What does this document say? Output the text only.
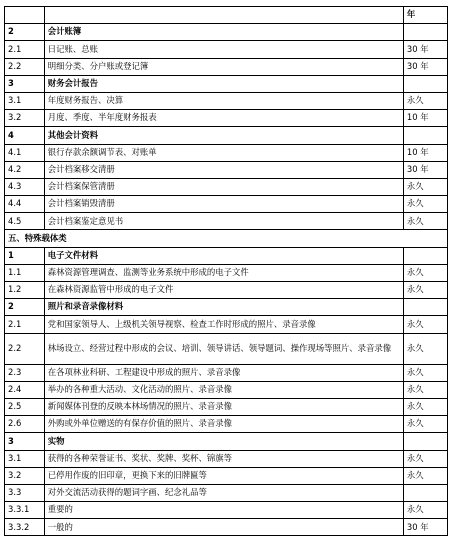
		年
2	会计账簿	
2.1	日记账、总账	30 年
2.2	明细分类、分户账或登记簿	30 年
3	财务会计报告	
3.1	年度财务报告、决算	永久
3.2	月度、季度、半年度财务报表	10 年
4	其他会计资料	
4.1	银行存款余额调节表、对账单	10 年
4.2	会计档案移交清册	30 年
4.3	会计档案保管清册	永久
4.4	会计档案销毁清册	永久
4.5	会计档案鉴定意见书	永久
五、特殊载体类		
1	电子文件材料	
1.1	森林资源管理调查、监测等业务系统中形成的电子文件	永久
1.2	在森林资源监管中形成的电子文件	永久
2	照片和录音录像材料	
2.1	党和国家领导人、上级机关领导视察、检查工作时形成的照片、录音录像	永久
2.2	林场设立、经营过程中形成的会议、培训、领导讲话、领导题词、操作现场等照片、录音录像	永久
2.3	在各项林业科研、工程建设中形成的照片、录音录像	永久
2.4	举办的各种重大活动、文化活动的照片、录音录像	永久
2.5	新闻媒体刊登的反映本林场情况的照片、录音录像	永久
2.6	外购或外单位赠送的有保存价值的照片、录音录像	永久
3	实物	
3.1	获得的各种荣誉证书、奖状、奖牌、奖杯、锦旗等	永久
3.2	已停用作废的旧印章，更换下来的旧牌匾等	永久
3.3	对外交流活动获得的题词字画、纪念礼品等	
3.3.1	重要的	永久
3.3.2	一般的	30 年
